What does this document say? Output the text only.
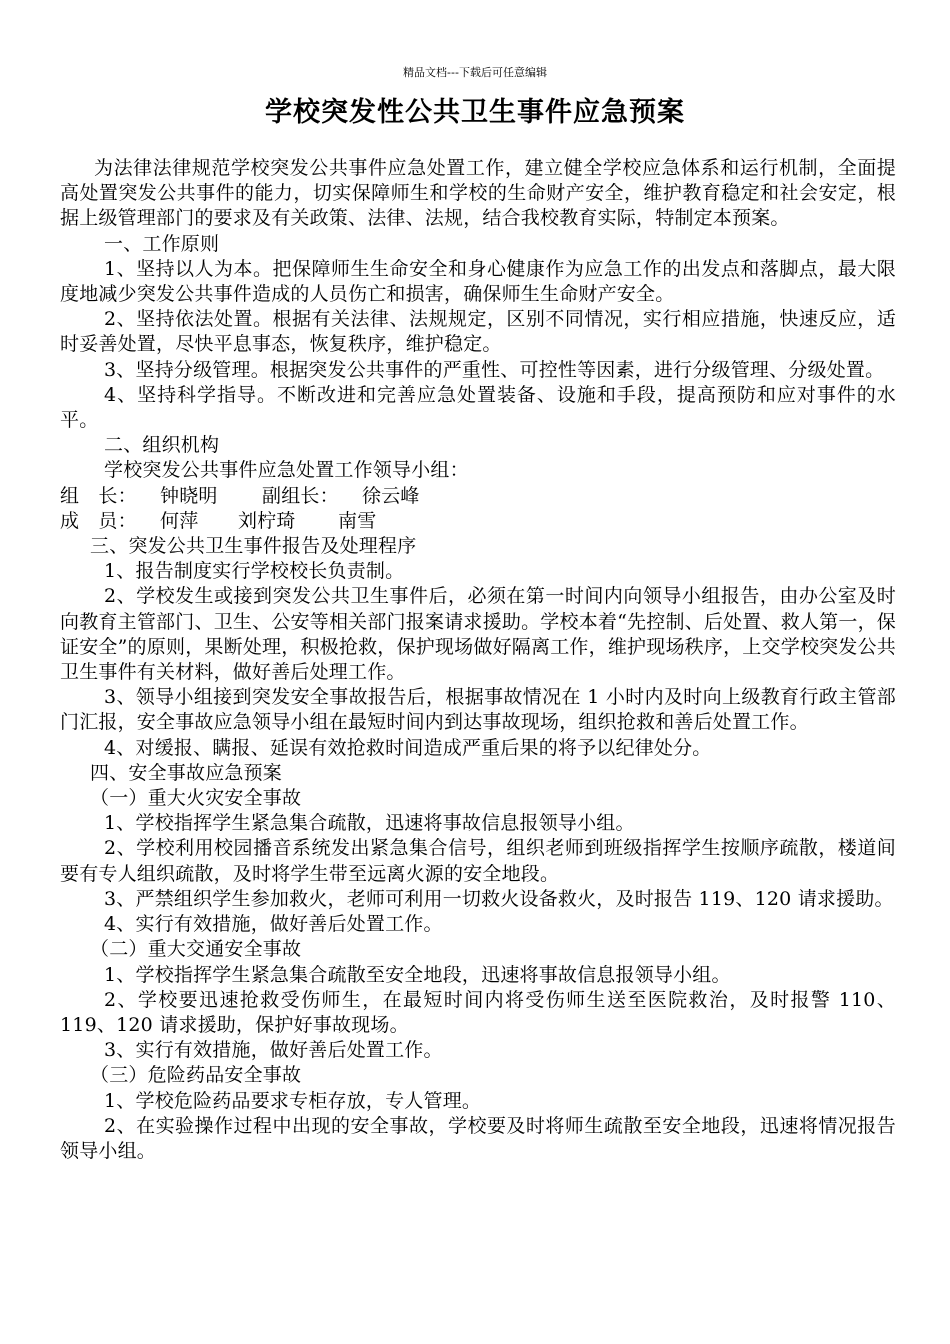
精品文档---下载后可任意编辑
学校突发性公共卫生事件应急预案

为法律法律规范学校突发公共事件应急处置工作，建立健全学校应急体系和运行机制，全面提高处置突发公共事件的能力，切实保障师生和学校的生命财产安全，维护教育稳定和社会安定，根据上级管理部门的要求及有关政策、法律、法规，结合我校教育实际，特制定本预案。

一、工作原则

1、坚持以人为本。把保障师生生命安全和身心健康作为应急工作的出发点和落脚点，最大限度地减少突发公共事件造成的人员伤亡和损害，确保师生生命财产安全。

2、坚持依法处置。根据有关法律、法规规定，区别不同情况，实行相应措施，快速反应，适时妥善处置，尽快平息事态，恢复秩序，维护稳定。

3、坚持分级管理。根据突发公共事件的严重性、可控性等因素，进行分级管理、分级处置。

4、坚持科学指导。不断改进和完善应急处置装备、设施和手段，提高预防和应对事件的水平。

二、组织机构

学校突发公共事件应急处置工作领导小组：

组　长： 钟晓明 副组长： 徐云峰

成　员： 何萍 刘柠琦 南雪

三、突发公共卫生事件报告及处理程序

1、报告制度实行学校校长负责制。

2、学校发生或接到突发公共卫生事件后，必须在第一时间内向领导小组报告，由办公室及时向教育主管部门、卫生、公安等相关部门报案请求援助。学校本着“先控制、后处置、救人第一，保证安全”的原则，果断处理，积极抢救，保护现场做好隔离工作，维护现场秩序，上交学校突发公共卫生事件有关材料，做好善后处理工作。

3、领导小组接到突发安全事故报告后，根据事故情况在 1 小时内及时向上级教育行政主管部门汇报，安全事故应急领导小组在最短时间内到达事故现场，组织抢救和善后处置工作。

4、对缓报、瞒报、延误有效抢救时间造成严重后果的将予以纪律处分。

四、安全事故应急预案

（一）重大火灾安全事故

1、学校指挥学生紧急集合疏散，迅速将事故信息报领导小组。

2、学校利用校园播音系统发出紧急集合信号，组织老师到班级指挥学生按顺序疏散，楼道间要有专人组织疏散，及时将学生带至远离火源的安全地段。

3、严禁组织学生参加救火，老师可利用一切救火设备救火，及时报告 119、120 请求援助。

4、实行有效措施，做好善后处置工作。

（二）重大交通安全事故

1、学校指挥学生紧急集合疏散至安全地段，迅速将事故信息报领导小组。

2、学校要迅速抢救受伤师生，在最短时间内将受伤师生送至医院救治，及时报警 110、119、120 请求援助，保护好事故现场。

3、实行有效措施，做好善后处置工作。

（三）危险药品安全事故

1、学校危险药品要求专柜存放，专人管理。

2、在实验操作过程中出现的安全事故，学校要及时将师生疏散至安全地段，迅速将情况报告领导小组。
